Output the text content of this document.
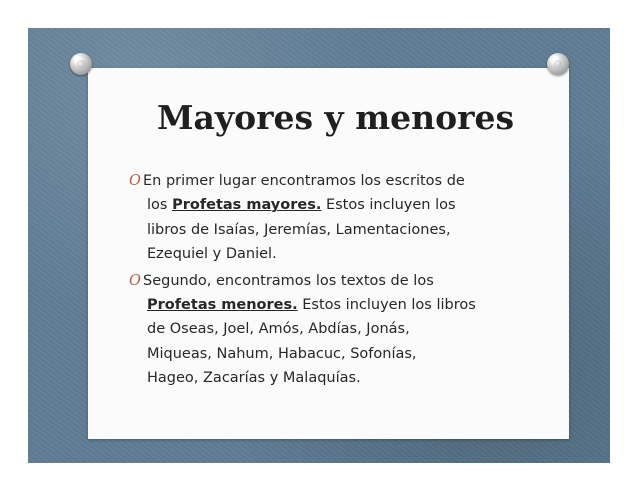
Mayores y menores
O En primer lugar encontramos los escritos de
los Profetas mayores. Estos incluyen los
libros de Isaías, Jeremías, Lamentaciones,
Ezequiel y Daniel.
O Segundo, encontramos los textos de los
Profetas menores. Estos incluyen los libros
de Oseas, Joel, Amós, Abdías, Jonás,
Miqueas, Nahum, Habacuc, Sofonías,
Hageo, Zacarías y Malaquías.
